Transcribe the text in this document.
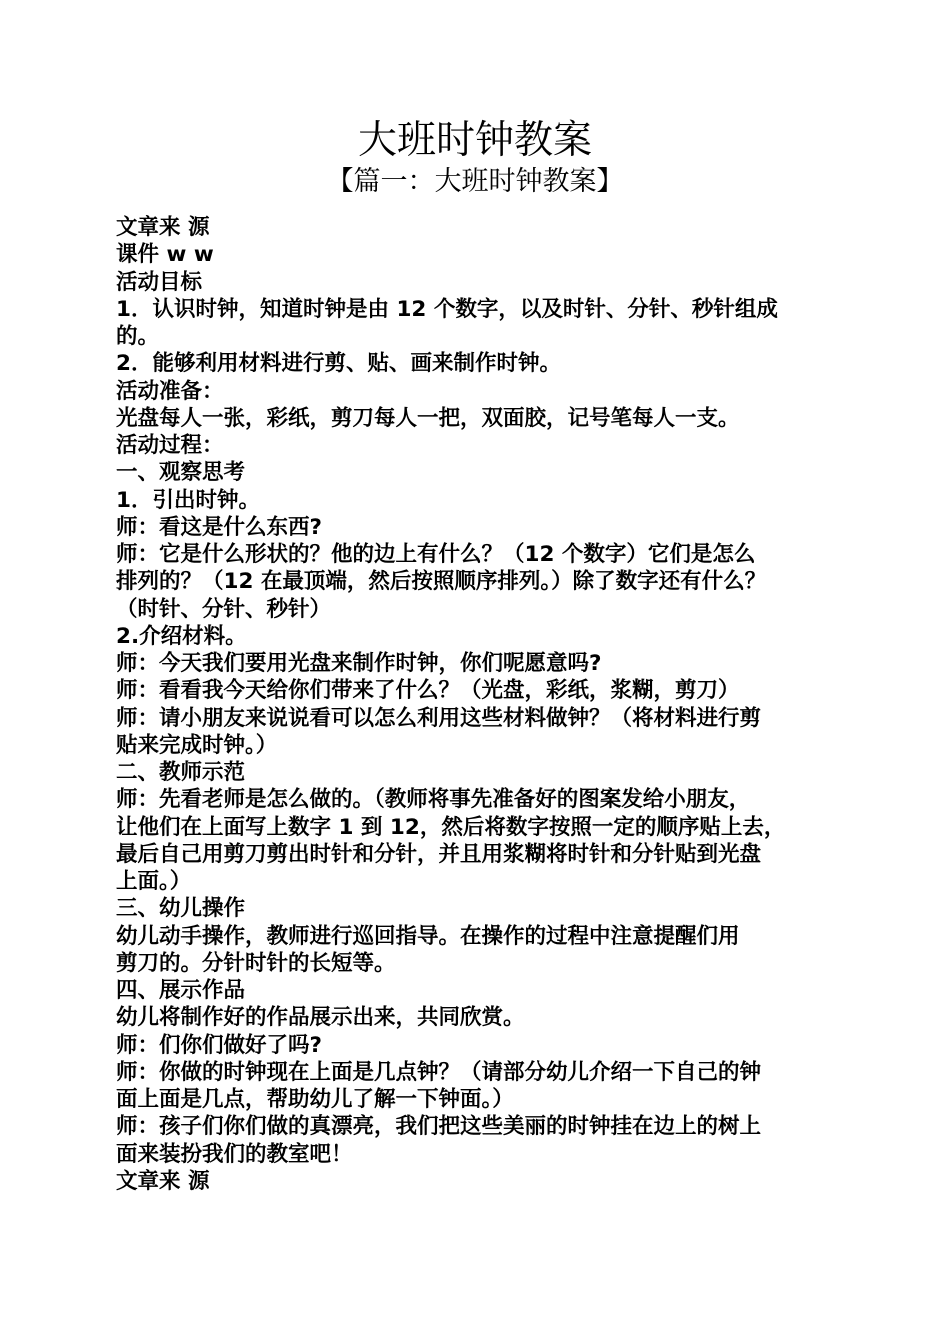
大班时钟教案
【篇一：大班时钟教案】
文章来 源
课件 w w
活动目标
1．认识时钟，知道时钟是由 12 个数字，以及时针、分针、秒针组成
的。
2．能够利用材料进行剪、贴、画来制作时钟。
活动准备：
光盘每人一张，彩纸，剪刀每人一把，双面胶，记号笔每人一支。
活动过程：
一、观察思考
1．引出时钟。
师：看这是什么东西?
师：它是什么形状的？他的边上有什么？（12 个数字）它们是怎么
排列的？（12 在最顶端，然后按照顺序排列。）除了数字还有什么？
（时针、分针、秒针）
2.介绍材料。
师：今天我们要用光盘来制作时钟，你们呢愿意吗?
师：看看我今天给你们带来了什么？（光盘，彩纸，浆糊，剪刀）
师：请小朋友来说说看可以怎么利用这些材料做钟？（将材料进行剪
贴来完成时钟。）
二、教师示范
师：先看老师是怎么做的。（教师将事先准备好的图案发给小朋友，
让他们在上面写上数字 1 到 12，然后将数字按照一定的顺序贴上去，
最后自己用剪刀剪出时针和分针，并且用浆糊将时针和分针贴到光盘
上面。）
三、幼儿操作
幼儿动手操作，教师进行巡回指导。在操作的过程中注意提醒们用
剪刀的。分针时针的长短等。
四、展示作品
幼儿将制作好的作品展示出来，共同欣赏。
师：们你们做好了吗?
师：你做的时钟现在上面是几点钟？（请部分幼儿介绍一下自己的钟
面上面是几点，帮助幼儿了解一下钟面。）
师：孩子们你们做的真漂亮，我们把这些美丽的时钟挂在边上的树上
面来装扮我们的教室吧！
文章来 源
